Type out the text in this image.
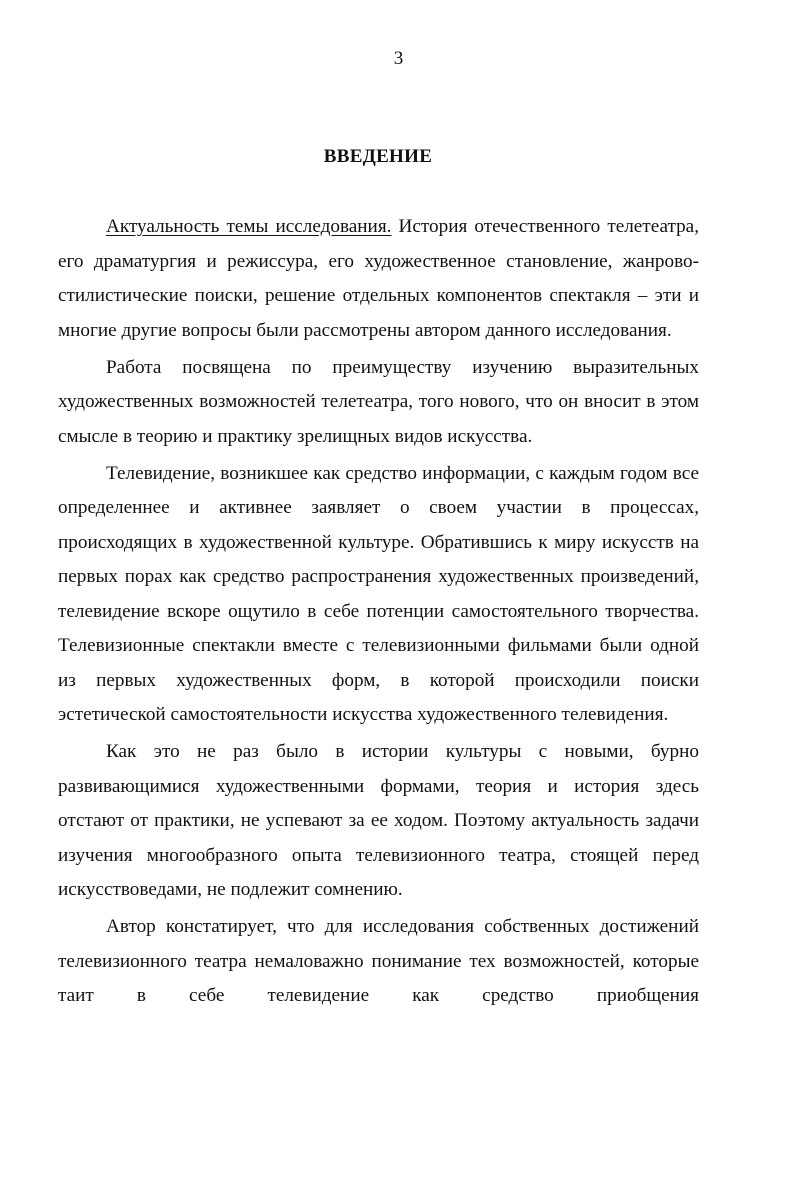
3
ВВЕДЕНИЕ

Актуальность темы исследования. История отечественного телетеатра, его драматургия и режиссура, его художественное становление, жанрово-стилистические поиски, решение отдельных компонентов спектакля – эти и многие другие вопросы были рассмотрены автором данного исследования.

Работа посвящена по преимуществу изучению выразительных художественных возможностей телетеатра, того нового, что он вносит в этом смысле в теорию и практику зрелищных видов искусства.

Телевидение, возникшее как средство информации, с каждым годом все определеннее и активнее заявляет о своем участии в процессах, происходящих в художественной культуре. Обратившись к миру искусств на первых порах как средство распространения художественных произведений, телевидение вскоре ощутило в себе потенции самостоятельного творчества. Телевизионные спектакли вместе с телевизионными фильмами были одной из первых художественных форм, в которой происходили поиски эстетической самостоятельности искусства художественного телевидения.

Как это не раз было в истории культуры с новыми, бурно развивающимися художественными формами, теория и история здесь отстают от практики, не успевают за ее ходом. Поэтому актуальность задачи изучения многообразного опыта телевизионного театра, стоящей перед искусствоведами, не подлежит сомнению.

Автор констатирует, что для исследования собственных достижений телевизионного театра немаловажно понимание тех возможностей, которые таит в себе телевидение как средство приобщения
